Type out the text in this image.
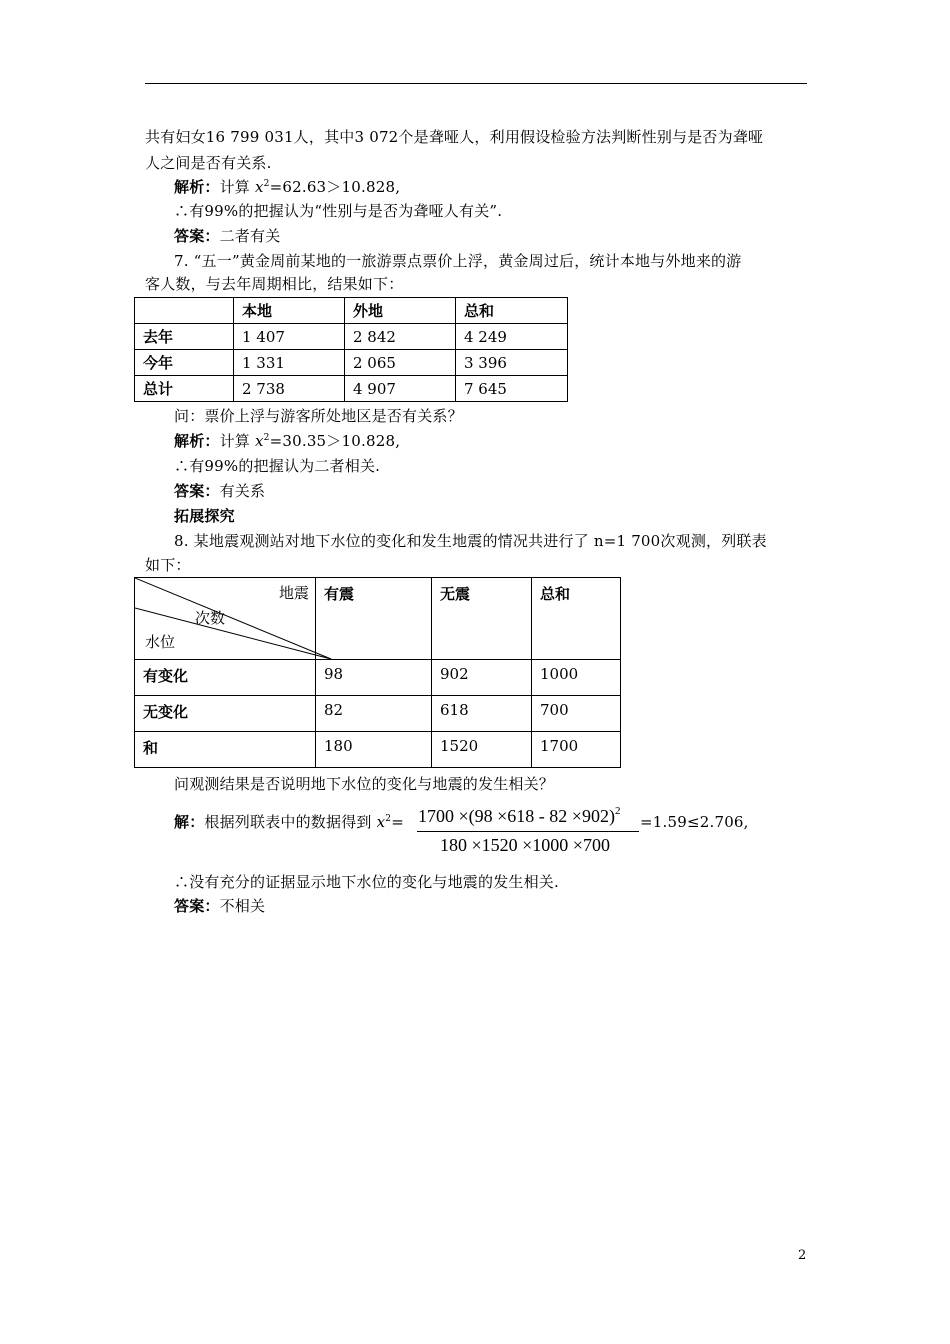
共有妇女16 799 031人，其中3 072个是聋哑人，利用假设检验方法判断性别与是否为聋哑
人之间是否有关系.
解析：计算 $x^2=62.63>10.828$,
∴有99%的把握认为“性别与是否为聋哑人有关”.
答案：二者有关
7. “五一”黄金周前某地的一旅游票点票价上浮，黄金周过后，统计本地与外地来的游
客人数，与去年周期相比，结果如下：
	本地	外地	总和
去年	1 407	2 842	4 249
今年	1 331	2 065	3 396
总计	2 738	4 907	7 645
问：票价上浮与游客所处地区是否有关系？
解析：计算 $x^2=30.35>10.828$,
∴有99%的把握认为二者相关.
答案：有关系
拓展探究
8. 某地震观测站对地下水位的变化和发生地震的情况共进行了 n=1 700次观测，列联表
如下：
地震
次数
水位	有震	无震	总和
有变化	98	902	1000
无变化	82	618	700
和	180	1520	1700
问观测结果是否说明地下水位的变化与地震的发生相关？
解：根据列联表中的数据得到 $x^2= 1700 \times(98 \times 618 - 82 \times 902)^2$
180 ×1520 ×1000 ×700
=1.59≤2.706,
∴没有充分的证据显示地下水位的变化与地震的发生相关.
答案：不相关
2
